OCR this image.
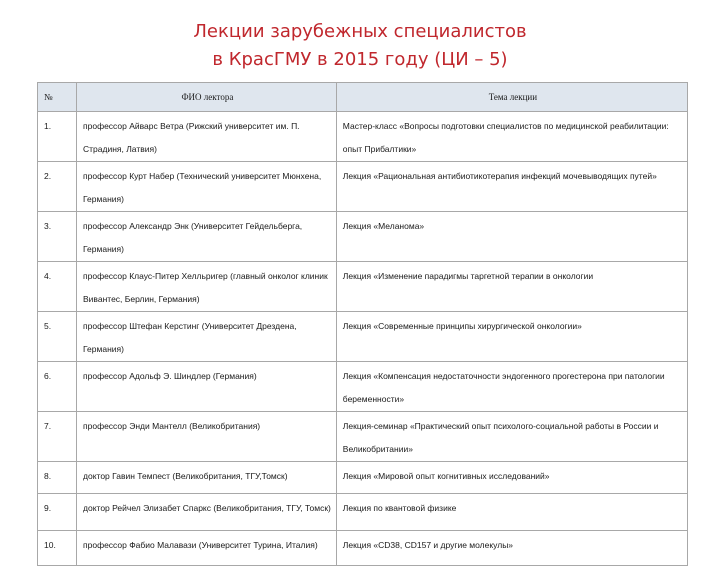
Лекции зарубежных специалистов
в КрасГМУ в 2015 году (ЦИ – 5)
№	ФИО лектора	Тема лекции
1.	профессор Айварс Ветра (Рижский университет им. П. Страдиня, Латвия)	Мастер-класс «Вопросы подготовки специалистов по медицинской реабилитации: опыт Прибалтики»
2.	профессор Курт Набер (Технический университет Мюнхена, Германия)	Лекция «Рациональная антибиотикотерапия инфекций мочевыводящих путей»
3.	профессор Александр Энк (Университет Гейдельберга, Германия)	Лекция «Меланома»
4.	профессор Клаус-Питер Хелльригер (главный онколог клиник Вивантес, Берлин, Германия)	Лекция «Изменение парадигмы таргетной терапии в онкологии
5.	профессор Штефан Керстинг (Университет Дрездена, Германия)	Лекция «Современные принципы хирургической онкологии»
6.	профессор Адольф Э. Шиндлер (Германия)	Лекция «Компенсация недостаточности эндогенного прогестерона при патологии беременности»
7.	профессор Энди Мантелл (Великобритания)	Лекция-семинар «Практический опыт психолого-социальной работы в России и Великобритании»
8.	доктор Гавин Темпест (Великобритания, ТГУ,Томск)	Лекция «Мировой опыт когнитивных исследований»
9.	доктор Рейчел Элизабет Спаркс (Великобритания, ТГУ, Томск)	Лекция по квантовой физике
10.	профессор Фабио Малавази (Университет Турина, Италия)	Лекция «CD38, CD157 и другие молекулы»
